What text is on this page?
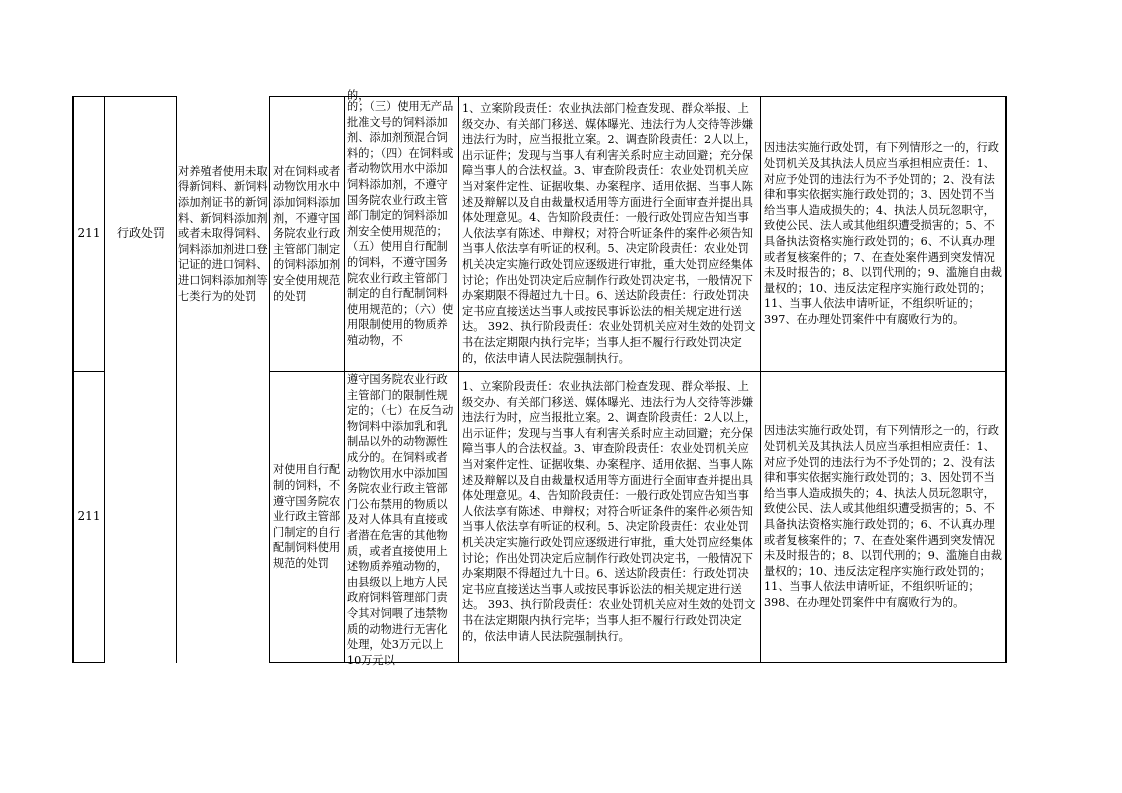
211
211
行政处罚

对养殖者使用未取得新饲料、新饲料添加剂证书的新饲料、新饲料添加剂或者未取得饲料、饲料添加剂进口登记证的进口饲料、进口饲料添加剂等七类行为的处罚

对在饲料或者动物饮用水中添加饲料添加剂，不遵守国务院农业行政主管部门制定的饲料添加剂安全使用规范的处罚

对使用自行配制的饲料，不遵守国务院农业行政主管部门制定的自行配制饲料使用规范的处罚

的，
的；（三）使用无产品批准文号的饲料添加剂、添加剂预混合饲料的；（四）在饲料或者动物饮用水中添加饲料添加剂，不遵守国务院农业行政主管部门制定的饲料添加剂安全使用规范的；（五）使用自行配制的饲料，不遵守国务院农业行政主管部门制定的自行配制饲料使用规范的；（六）使用限制使用的物质养殖动物，不
遵守国务院农业行政主管部门的限制性规定的；（七）在反刍动物饲料中添加乳和乳制品以外的动物源性成分的。在饲料或者动物饮用水中添加国务院农业行政主管部门公布禁用的物质以及对人体具有直接或者潜在危害的其他物质，或者直接使用上述物质养殖动物的，由县级以上地方人民政府饲料管理部门责令其对饲喂了违禁物质的动物进行无害化处理，处3万元以上10万元以
1、立案阶段责任：农业执法部门检查发现、群众举报、上级交办、有关部门移送、媒体曝光、违法行为人交待等涉嫌违法行为时，应当报批立案。2、调查阶段责任：2人以上，出示证件；发现与当事人有利害关系时应主动回避；充分保障当事人的合法权益。3、审查阶段责任：农业处罚机关应当对案件定性、证据收集、办案程序、适用依据、当事人陈述及辩解以及自由裁量权适用等方面进行全面审查并提出具体处理意见。4、告知阶段责任：一般行政处罚应告知当事人依法享有陈述、申辩权；对符合听证条件的案件必须告知当事人依法享有听证的权利。5、决定阶段责任：农业处罚机关决定实施行政处罚应逐级进行审批，重大处罚应经集体讨论；作出处罚决定后应制作行政处罚决定书，一般情况下办案期限不得超过九十日。6、送达阶段责任：行政处罚决定书应直接送达当事人或按民事诉讼法的相关规定进行送达。 392、执行阶段责任：农业处罚机关应对生效的处罚文书在法定期限内执行完毕；当事人拒不履行行政处罚决定的，依法申请人民法院强制执行。
1、立案阶段责任：农业执法部门检查发现、群众举报、上级交办、有关部门移送、媒体曝光、违法行为人交待等涉嫌违法行为时，应当报批立案。2、调查阶段责任：2人以上，出示证件；发现与当事人有利害关系时应主动回避；充分保障当事人的合法权益。3、审查阶段责任：农业处罚机关应当对案件定性、证据收集、办案程序、适用依据、当事人陈述及辩解以及自由裁量权适用等方面进行全面审查并提出具体处理意见。4、告知阶段责任：一般行政处罚应告知当事人依法享有陈述、申辩权；对符合听证条件的案件必须告知当事人依法享有听证的权利。5、决定阶段责任：农业处罚机关决定实施行政处罚应逐级进行审批，重大处罚应经集体讨论；作出处罚决定后应制作行政处罚决定书，一般情况下办案期限不得超过九十日。6、送达阶段责任：行政处罚决定书应直接送达当事人或按民事诉讼法的相关规定进行送达。 393、执行阶段责任：农业处罚机关应对生效的处罚文书在法定期限内执行完毕；当事人拒不履行行政处罚决定的，依法申请人民法院强制执行。

因违法实施行政处罚，有下列情形之一的，行政处罚机关及其执法人员应当承担相应责任：1、对应予处罚的违法行为不予处罚的；2、没有法律和事实依据实施行政处罚的；3、因处罚不当给当事人造成损失的；4、执法人员玩忽职守，致使公民、法人或其他组织遭受损害的；5、不具备执法资格实施行政处罚的；6、不认真办理或者复核案件的；7、在查处案件遇到突发情况未及时报告的；8、以罚代刑的；9、滥施自由裁量权的；10、违反法定程序实施行政处罚的；11、当事人依法申请听证，不组织听证的；397、在办理处罚案件中有腐败行为的。

因违法实施行政处罚，有下列情形之一的，行政处罚机关及其执法人员应当承担相应责任：1、对应予处罚的违法行为不予处罚的；2、没有法律和事实依据实施行政处罚的；3、因处罚不当给当事人造成损失的；4、执法人员玩忽职守，致使公民、法人或其他组织遭受损害的；5、不具备执法资格实施行政处罚的；6、不认真办理或者复核案件的；7、在查处案件遇到突发情况未及时报告的；8、以罚代刑的；9、滥施自由裁量权的；10、违反法定程序实施行政处罚的；11、当事人依法申请听证，不组织听证的；398、在办理处罚案件中有腐败行为的。
